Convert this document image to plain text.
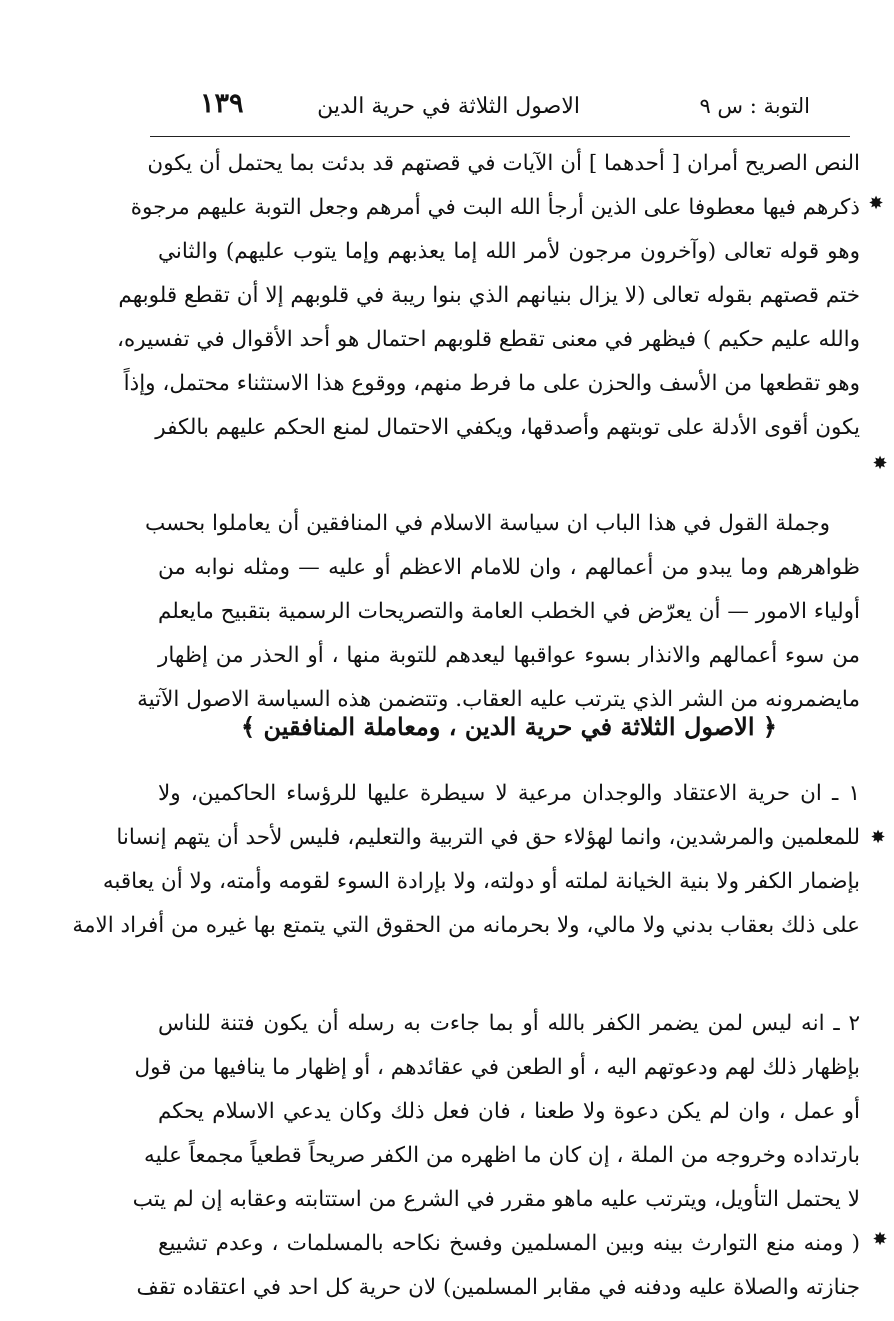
التوبة : س ٩
الاصول الثلاثة في حرية الدين
١٣٩
النص الصريح أمران [ أحدهما ] أن الآيات في قصتهم قد بدئت بما يحتمل أن يكون
ذكرهم فيها معطوفا على الذين أرجأ الله البت في أمرهم وجعل التوبة عليهم مرجوة
وهو قوله تعالى (وآخرون مرجون لأمر الله إما يعذبهم وإما يتوب عليهم) والثاني
ختم قصتهم بقوله تعالى (لا يزال بنيانهم الذي بنوا ريبة في قلوبهم إلا أن تقطع قلوبهم
والله عليم حكيم ) فيظهر في معنى تقطع قلوبهم احتمال هو أحد الأقوال في تفسيره،
وهو تقطعها من الأسف والحزن على ما فرط منهم، ووقوع هذا الاستثناء محتمل، وإذاً
يكون أقوى الأدلة على توبتهم وأصدقها، ويكفي الاحتمال لمنع الحكم عليهم بالكفر
وجملة القول في هذا الباب ان سياسة الاسلام في المنافقين أن يعاملوا بحسب
ظواهرهم وما يبدو من أعمالهم ، وان للامام الاعظم أو عليه — ومثله نوابه من
أولياء الامور — أن يعرّض في الخطب العامة والتصريحات الرسمية بتقبيح مايعلم
من سوء أعمالهم والانذار بسوء عواقبها ليعدهم للتوبة منها ، أو الحذر من إظهار
مايضمرونه من الشر الذي يترتب عليه العقاب. وتتضمن هذه السياسة الاصول الآتية
﴿ الاصول الثلاثة في حرية الدين ، ومعاملة المنافقين ﴾
١ ـ ان حرية الاعتقاد والوجدان مرعية لا سيطرة عليها للرؤساء الحاكمين، ولا
للمعلمين والمرشدين، وانما لهؤلاء حق في التربية والتعليم، فليس لأحد أن يتهم إنسانا
بإضمار الكفر ولا بنية الخيانة لملته أو دولته، ولا بإرادة السوء لقومه وأمته، ولا أن يعاقبه
على ذلك بعقاب بدني ولا مالي، ولا بحرمانه من الحقوق التي يتمتع بها غيره من أفراد الامة
٢ ـ انه ليس لمن يضمر الكفر بالله أو بما جاءت به رسله أن يكون فتنة للناس
بإظهار ذلك لهم ودعوتهم اليه ، أو الطعن في عقائدهم ، أو إظهار ما ينافيها من قول
أو عمل ، وان لم يكن دعوة ولا طعنا ، فان فعل ذلك وكان يدعي الاسلام يحكم
بارتداده وخروجه من الملة ، إن كان ما اظهره من الكفر صريحاً قطعياً مجمعاً عليه
لا يحتمل التأويل، ويترتب عليه ماهو مقرر في الشرع من استتابته وعقابه إن لم يتب
( ومنه منع التوارث بينه وبين المسلمين وفسخ نكاحه بالمسلمات ، وعدم تشييع
جنازته والصلاة عليه ودفنه في مقابر المسلمين) لان حرية كل احد في اعتقاده تقف
✸
✸
✸
✸
